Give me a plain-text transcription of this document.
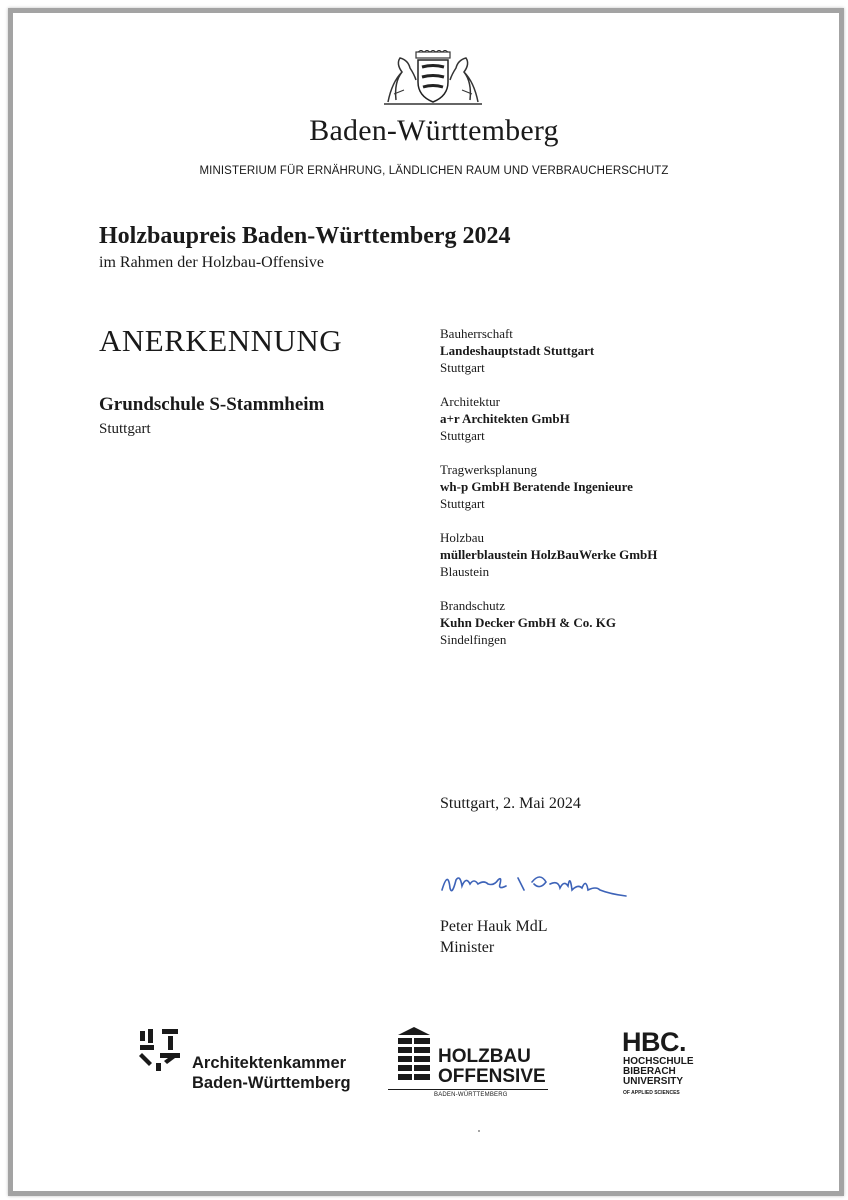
Baden-Württemberg
MINISTERIUM FÜR ERNÄHRUNG, LÄNDLICHEN RAUM UND VERBRAUCHERSCHUTZ
Holzbaupreis Baden-Württemberg 2024
im Rahmen der Holzbau-Offensive
ANERKENNUNG
Grundschule S-Stammheim
Stuttgart
Bauherrschaft
Landeshauptstadt Stuttgart
Stuttgart
Architektur
a+r Architekten GmbH
Stuttgart
Tragwerksplanung
wh-p GmbH Beratende Ingenieure
Stuttgart
Holzbau
müllerblaustein HolzBauWerke GmbH
Blaustein
Brandschutz
Kuhn Decker GmbH & Co. KG
Sindelfingen
Stuttgart, 2. Mai 2024
Peter Hauk MdL
Minister
Architektenkammer
Baden-Württemberg
HOLZBAU
OFFENSIVE
BADEN-WÜRTTEMBERG
HBC.
HOCHSCHULE
BIBERACH
UNIVERSITY
OF APPLIED SCIENCES
